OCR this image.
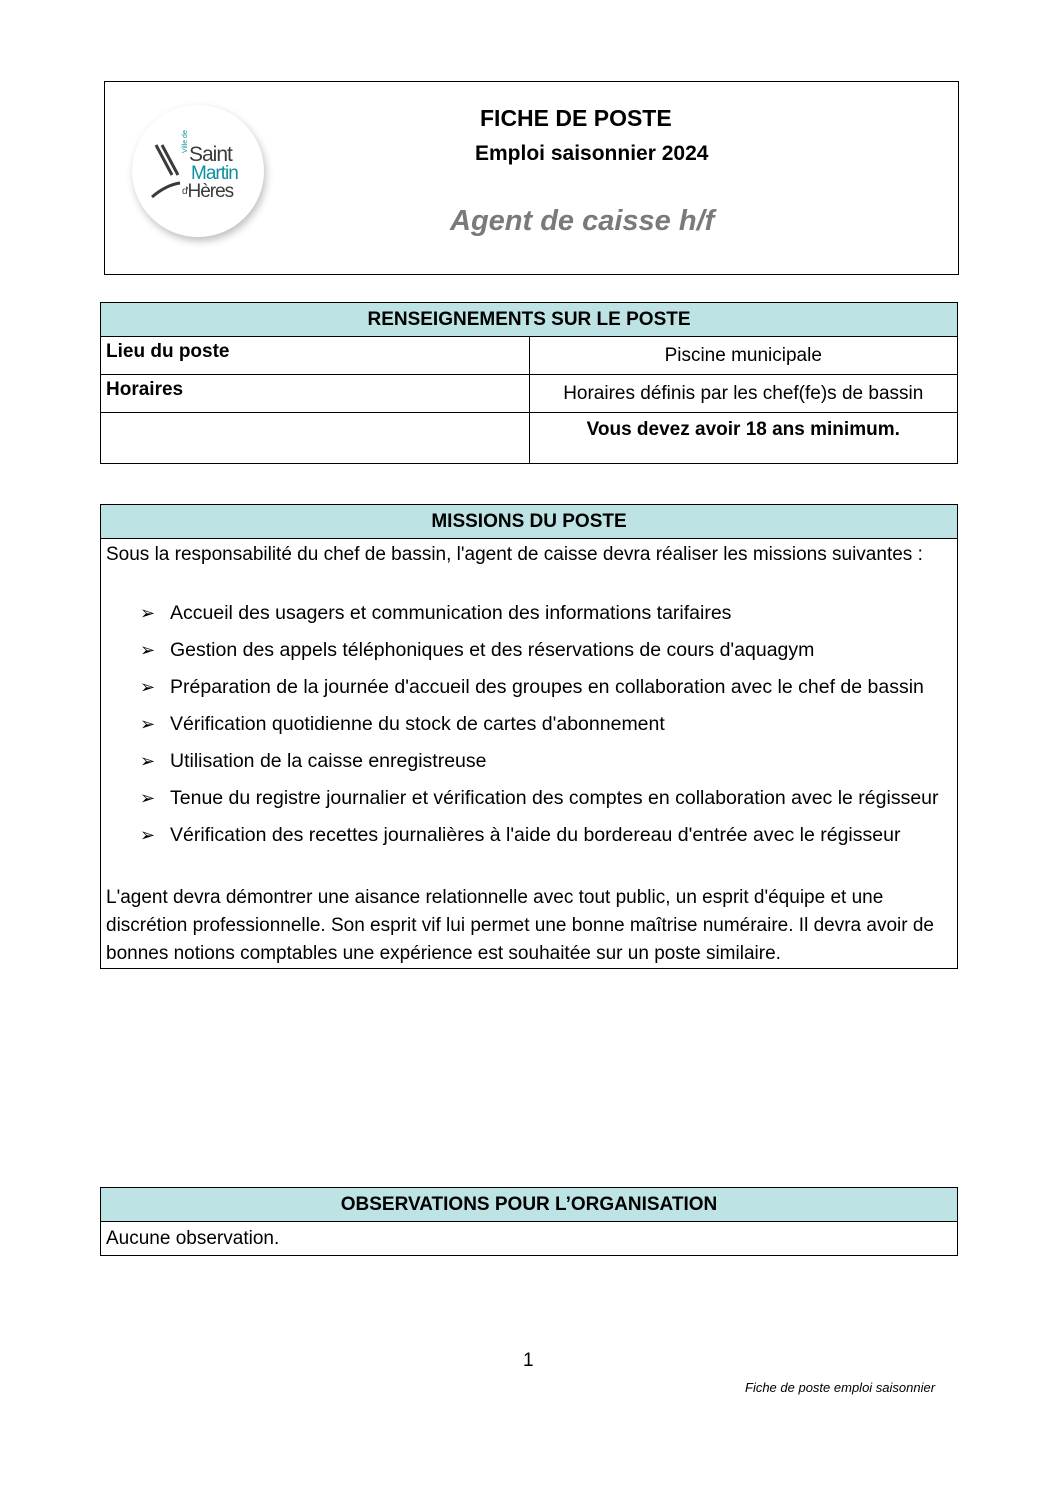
Ville de
Saint
Martin
$^{d'}$Hères
FICHE DE POSTE
Emploi saisonnier 2024
Agent de caisse h/f
RENSEIGNEMENTS SUR LE POSTE	
Lieu du poste	Piscine municipale
Horaires	Horaires définis par les chef(fe)s de bassin
	Vous devez avoir 18 ans minimum.
MISSIONS DU POSTE

Sous la responsabilité du chef de bassin, l'agent de caisse devra réaliser les missions suivantes :

➢ Accueil des usagers et communication des informations tarifaires
➢ Gestion des appels téléphoniques et des réservations de cours d'aquagym
➢ Préparation de la journée d'accueil des groupes en collaboration avec le chef de bassin
➢ Vérification quotidienne du stock de cartes d'abonnement
➢ Utilisation de la caisse enregistreuse
➢ Tenue du registre journalier et vérification des comptes en collaboration avec le régisseur
➢ Vérification des recettes journalières à l'aide du bordereau d'entrée avec le régisseur

L'agent devra démontrer une aisance relationnelle avec tout public, un esprit d'équipe et une discrétion professionnelle. Son esprit vif lui permet une bonne maîtrise numéraire. Il devra avoir de bonnes notions comptables une expérience est souhaitée sur un poste similaire.

OBSERVATIONS POUR L’ORGANISATION
Aucune observation.
1
Fiche de poste emploi saisonnier
